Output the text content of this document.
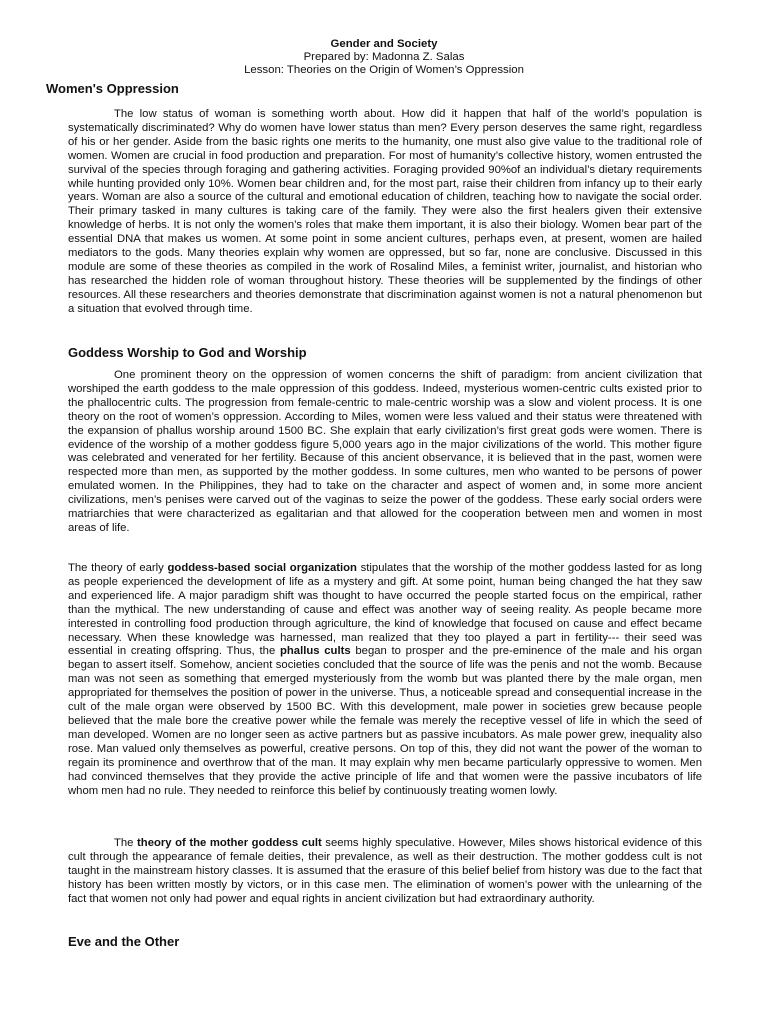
Gender and Society
Prepared by: Madonna Z. Salas
Lesson: Theories on the Origin of Women’s Oppression
Women's Oppression
The low status of woman is something worth about. How did it happen that half of the world’s population is systematically discriminated? Why do women have lower status than men? Every person deserves the same right, regardless of his or her gender. Aside from the basic rights one merits to the humanity, one must also give value to the traditional role of women. Women are crucial in food production and preparation. For most of humanity’s collective history, women entrusted the survival of the species through foraging and gathering activities. Foraging provided 90%of an individual’s dietary requirements while hunting provided only 10%. Women bear children and, for the most part, raise their children from infancy up to their early years. Woman are also a source of the cultural and emotional education of children, teaching how to navigate the social order. Their primary tasked in many cultures is taking care of the family. They were also the first healers given their extensive knowledge of herbs. It is not only the women’s roles that make them important, it is also their biology. Women bear part of the essential DNA that makes us women. At some point in some ancient cultures, perhaps even, at present, women are hailed mediators to the gods. Many theories explain why women are oppressed, but so far, none are conclusive. Discussed in this module are some of these theories as compiled in the work of Rosalind Miles, a feminist writer, journalist, and historian who has researched the hidden role of woman throughout history. These theories will be supplemented by the findings of other resources. All these researchers and theories demonstrate that discrimination against women is not a natural phenomenon but a situation that evolved through time.
Goddess Worship to God and Worship
One prominent theory on the oppression of women concerns the shift of paradigm: from ancient civilization that worshiped the earth goddess to the male oppression of this goddess. Indeed, mysterious women-centric cults existed prior to the phallocentric cults. The progression from female-centric to male-centric worship was a slow and violent process. It is one theory on the root of women’s oppression. According to Miles, women were less valued and their status were threatened with the expansion of phallus worship around 1500 BC. She explain that early civilization’s first great gods were women. There is evidence of the worship of a mother goddess figure 5,000 years ago in the major civilizations of the world. This mother figure was celebrated and venerated for her fertility. Because of this ancient observance, it is believed that in the past, women were respected more than men, as supported by the mother goddess. In some cultures, men who wanted to be persons of power emulated women. In the Philippines, they had to take on the character and aspect of women and, in some more ancient civilizations, men’s penises were carved out of the vaginas to seize the power of the goddess. These early social orders were matriarchies that were characterized as egalitarian and that allowed for the cooperation between men and women in most areas of life.
The theory of early goddess-based social organization stipulates that the worship of the mother goddess lasted for as long as people experienced the development of life as a mystery and gift. At some point, human being changed the hat they saw and experienced life. A major paradigm shift was thought to have occurred the people started focus on the empirical, rather than the mythical. The new understanding of cause and effect was another way of seeing reality. As people became more interested in controlling food production through agriculture, the kind of knowledge that focused on cause and effect became necessary. When these knowledge was harnessed, man realized that they too played a part in fertility--- their seed was essential in creating offspring. Thus, the phallus cults began to prosper and the pre-eminence of the male and his organ began to assert itself. Somehow, ancient societies concluded that the source of life was the penis and not the womb. Because man was not seen as something that emerged mysteriously from the womb but was planted there by the male organ, men appropriated for themselves the position of power in the universe. Thus, a noticeable spread and consequential increase in the cult of the male organ were observed by 1500 BC. With this development, male power in societies grew because people believed that the male bore the creative power while the female was merely the receptive vessel of life in which the seed of man developed. Women are no longer seen as active partners but as passive incubators. As male power grew, inequality also rose. Man valued only themselves as powerful, creative persons. On top of this, they did not want the power of the woman to regain its prominence and overthrow that of the man. It may explain why men became particularly oppressive to women. Men had convinced themselves that they provide the active principle of life and that women were the passive incubators of life whom men had no rule. They needed to reinforce this belief by continuously treating women lowly.
The theory of the mother goddess cult seems highly speculative. However, Miles shows historical evidence of this cult through the appearance of female deities, their prevalence, as well as their destruction. The mother goddess cult is not taught in the mainstream history classes. It is assumed that the erasure of this belief belief from history was due to the fact that history has been written mostly by victors, or in this case men. The elimination of women’s power with the unlearning of the fact that women not only had power and equal rights in ancient civilization but had extraordinary authority.
Eve and the Other
